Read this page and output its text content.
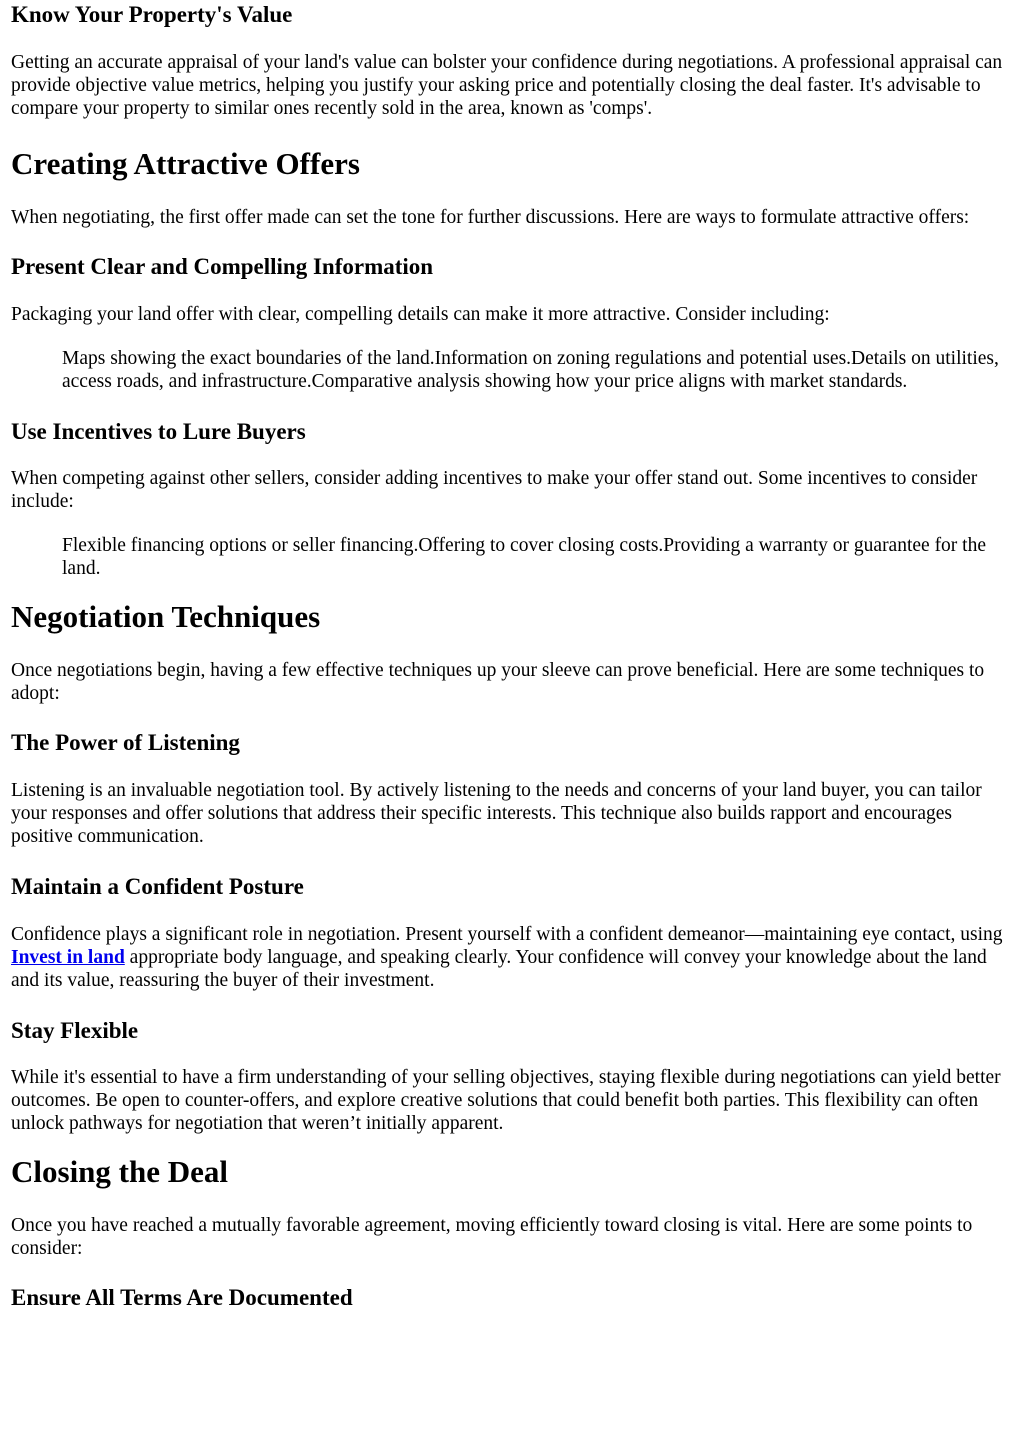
Know Your Property's Value

Getting an accurate appraisal of your land's value can bolster your confidence during negotiations. A professional appraisal can provide objective value metrics, helping you justify your asking price and potentially closing the deal faster. It's advisable to compare your property to similar ones recently sold in the area, known as 'comps'.

Creating Attractive Offers

When negotiating, the first offer made can set the tone for further discussions. Here are ways to formulate attractive offers:

Present Clear and Compelling Information

Packaging your land offer with clear, compelling details can make it more attractive. Consider including:

Maps showing the exact boundaries of the land.Information on zoning regulations and potential uses.Details on utilities, access roads, and infrastructure.Comparative analysis showing how your price aligns with market standards.

Use Incentives to Lure Buyers

When competing against other sellers, consider adding incentives to make your offer stand out. Some incentives to consider include:

Flexible financing options or seller financing.Offering to cover closing costs.Providing a warranty or guarantee for the land.

Negotiation Techniques

Once negotiations begin, having a few effective techniques up your sleeve can prove beneficial. Here are some techniques to adopt:

The Power of Listening

Listening is an invaluable negotiation tool. By actively listening to the needs and concerns of your land buyer, you can tailor your responses and offer solutions that address their specific interests. This technique also builds rapport and encourages positive communication.

Maintain a Confident Posture

Confidence plays a significant role in negotiation. Present yourself with a confident demeanor—maintaining eye contact, using Invest in land appropriate body language, and speaking clearly. Your confidence will convey your knowledge about the land and its value, reassuring the buyer of their investment.

Stay Flexible

While it's essential to have a firm understanding of your selling objectives, staying flexible during negotiations can yield better outcomes. Be open to counter-offers, and explore creative solutions that could benefit both parties. This flexibility can often unlock pathways for negotiation that weren’t initially apparent.

Closing the Deal

Once you have reached a mutually favorable agreement, moving efficiently toward closing is vital. Here are some points to consider:

Ensure All Terms Are Documented
